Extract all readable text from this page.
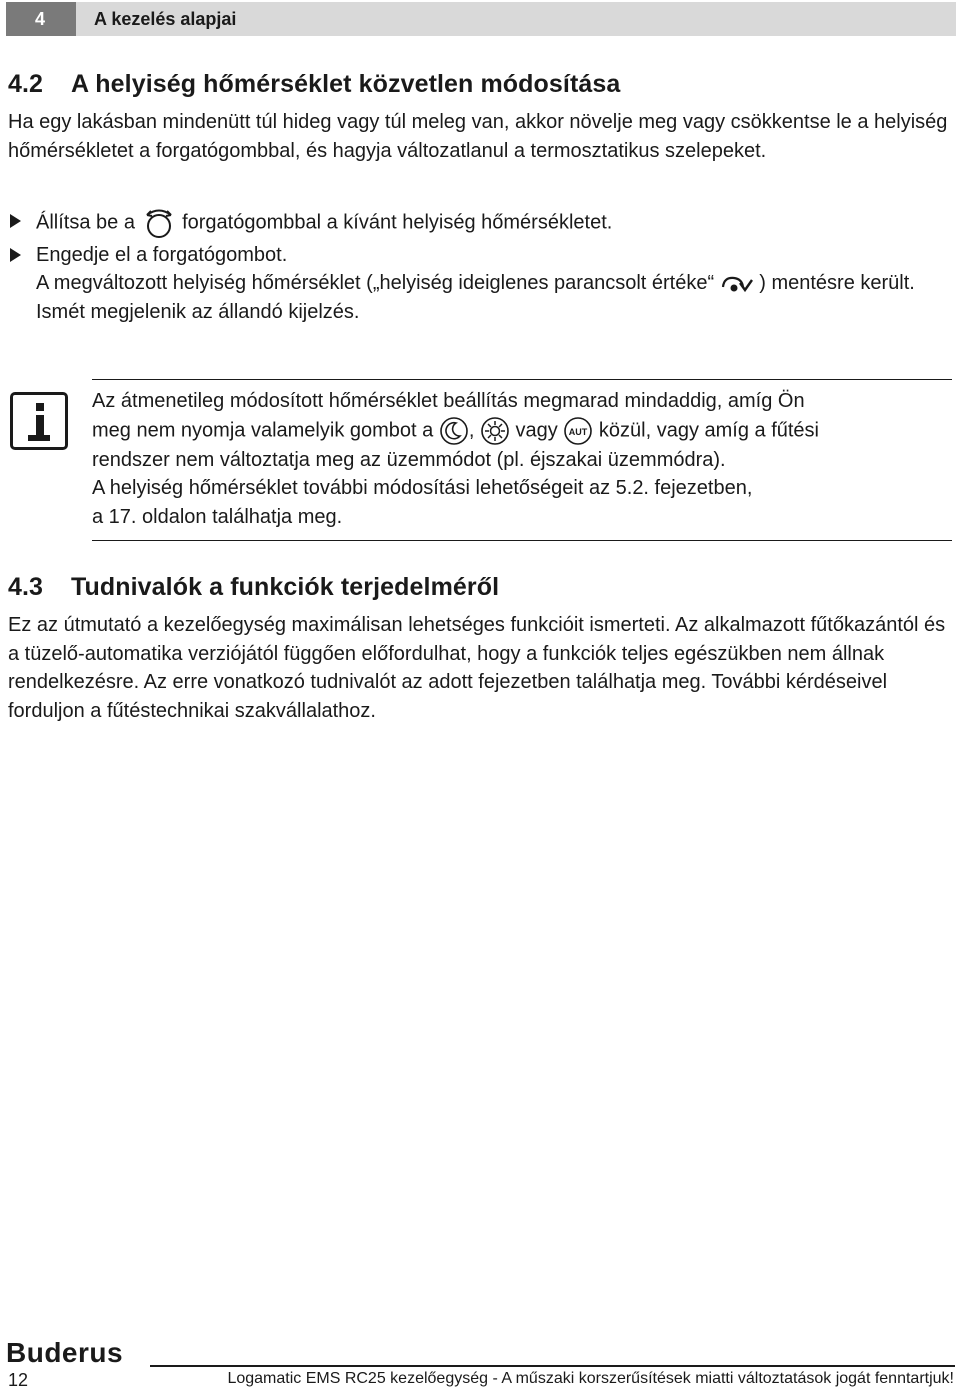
4	A kezelés alapjai
4.2 A helyiség hőmérséklet közvetlen módosítása
Ha egy lakásban mindenütt túl hideg vagy túl meleg van, akkor növelje meg vagy csökkentse le a helyiség hőmérsékletet a forgatógombbal, és hagyja változatlanul a termosztatikus szelepeket.
Állítsa be a forgatógombbal a kívánt helyiség hőmérsékletet.
Engedje el a forgatógombot.
A megváltozott helyiség hőmérséklet („helyiség ideiglenes parancsolt értéke“ ) mentésre került.
Ismét megjelenik az állandó kijelzés.
Az átmenetileg módosított hőmérséklet beállítás megmarad mindaddig, amíg Ön
meg nem nyomja valamelyik gombot a , vagy AUT közül, vagy amíg a fűtési
rendszer nem változtatja meg az üzemmódot (pl. éjszakai üzemmódra).
A helyiség hőmérséklet további módosítási lehetőségeit az 5.2. fejezetben,
a 17. oldalon találhatja meg.
4.3 Tudnivalók a funkciók terjedelméről
Ez az útmutató a kezelőegység maximálisan lehetséges funkcióit ismerteti. Az alkalmazott fűtőkazántól és a tüzelő-automatika verziójától függően előfordulhat, hogy a funkciók teljes egészükben nem állnak rendelkezésre. Az erre vonatkozó tudnivalót az adott fejezetben találhatja meg. További kérdéseivel forduljon a fűtéstechnikai szakvállalathoz.
Buderus
12	Logamatic EMS RC25 kezelőegység - A műszaki korszerűsítések miatti változtatások jogát fenntartjuk!
